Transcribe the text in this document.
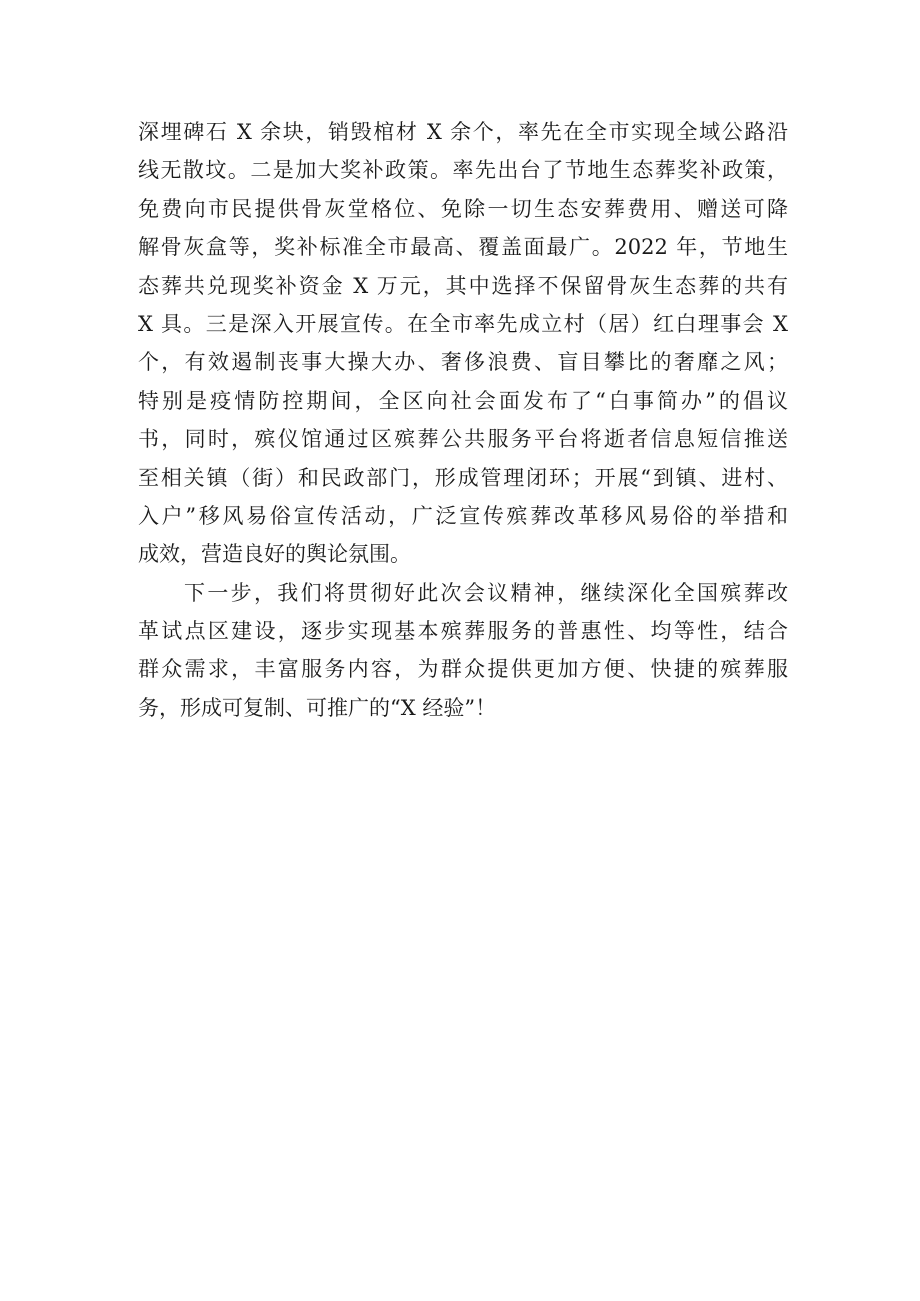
深埋碑石 X 余块，销毁棺材 X 余个，率先在全市实现全域公路沿
线无散坟。二是加大奖补政策。率先出台了节地生态葬奖补政策，
免费向市民提供骨灰堂格位、免除一切生态安葬费用、赠送可降
解骨灰盒等，奖补标准全市最高、覆盖面最广。2022 年，节地生
态葬共兑现奖补资金 X 万元，其中选择不保留骨灰生态葬的共有
X 具。三是深入开展宣传。在全市率先成立村（居）红白理事会 X
个，有效遏制丧事大操大办、奢侈浪费、盲目攀比的奢靡之风；
特别是疫情防控期间，全区向社会面发布了“白事简办”的倡议
书，同时，殡仪馆通过区殡葬公共服务平台将逝者信息短信推送
至相关镇（街）和民政部门，形成管理闭环；开展“到镇、进村、
入户”移风易俗宣传活动，广泛宣传殡葬改革移风易俗的举措和
成效，营造良好的舆论氛围。
下一步，我们将贯彻好此次会议精神，继续深化全国殡葬改
革试点区建设，逐步实现基本殡葬服务的普惠性、均等性，结合
群众需求，丰富服务内容，为群众提供更加方便、快捷的殡葬服
务，形成可复制、可推广的“X 经验”！
